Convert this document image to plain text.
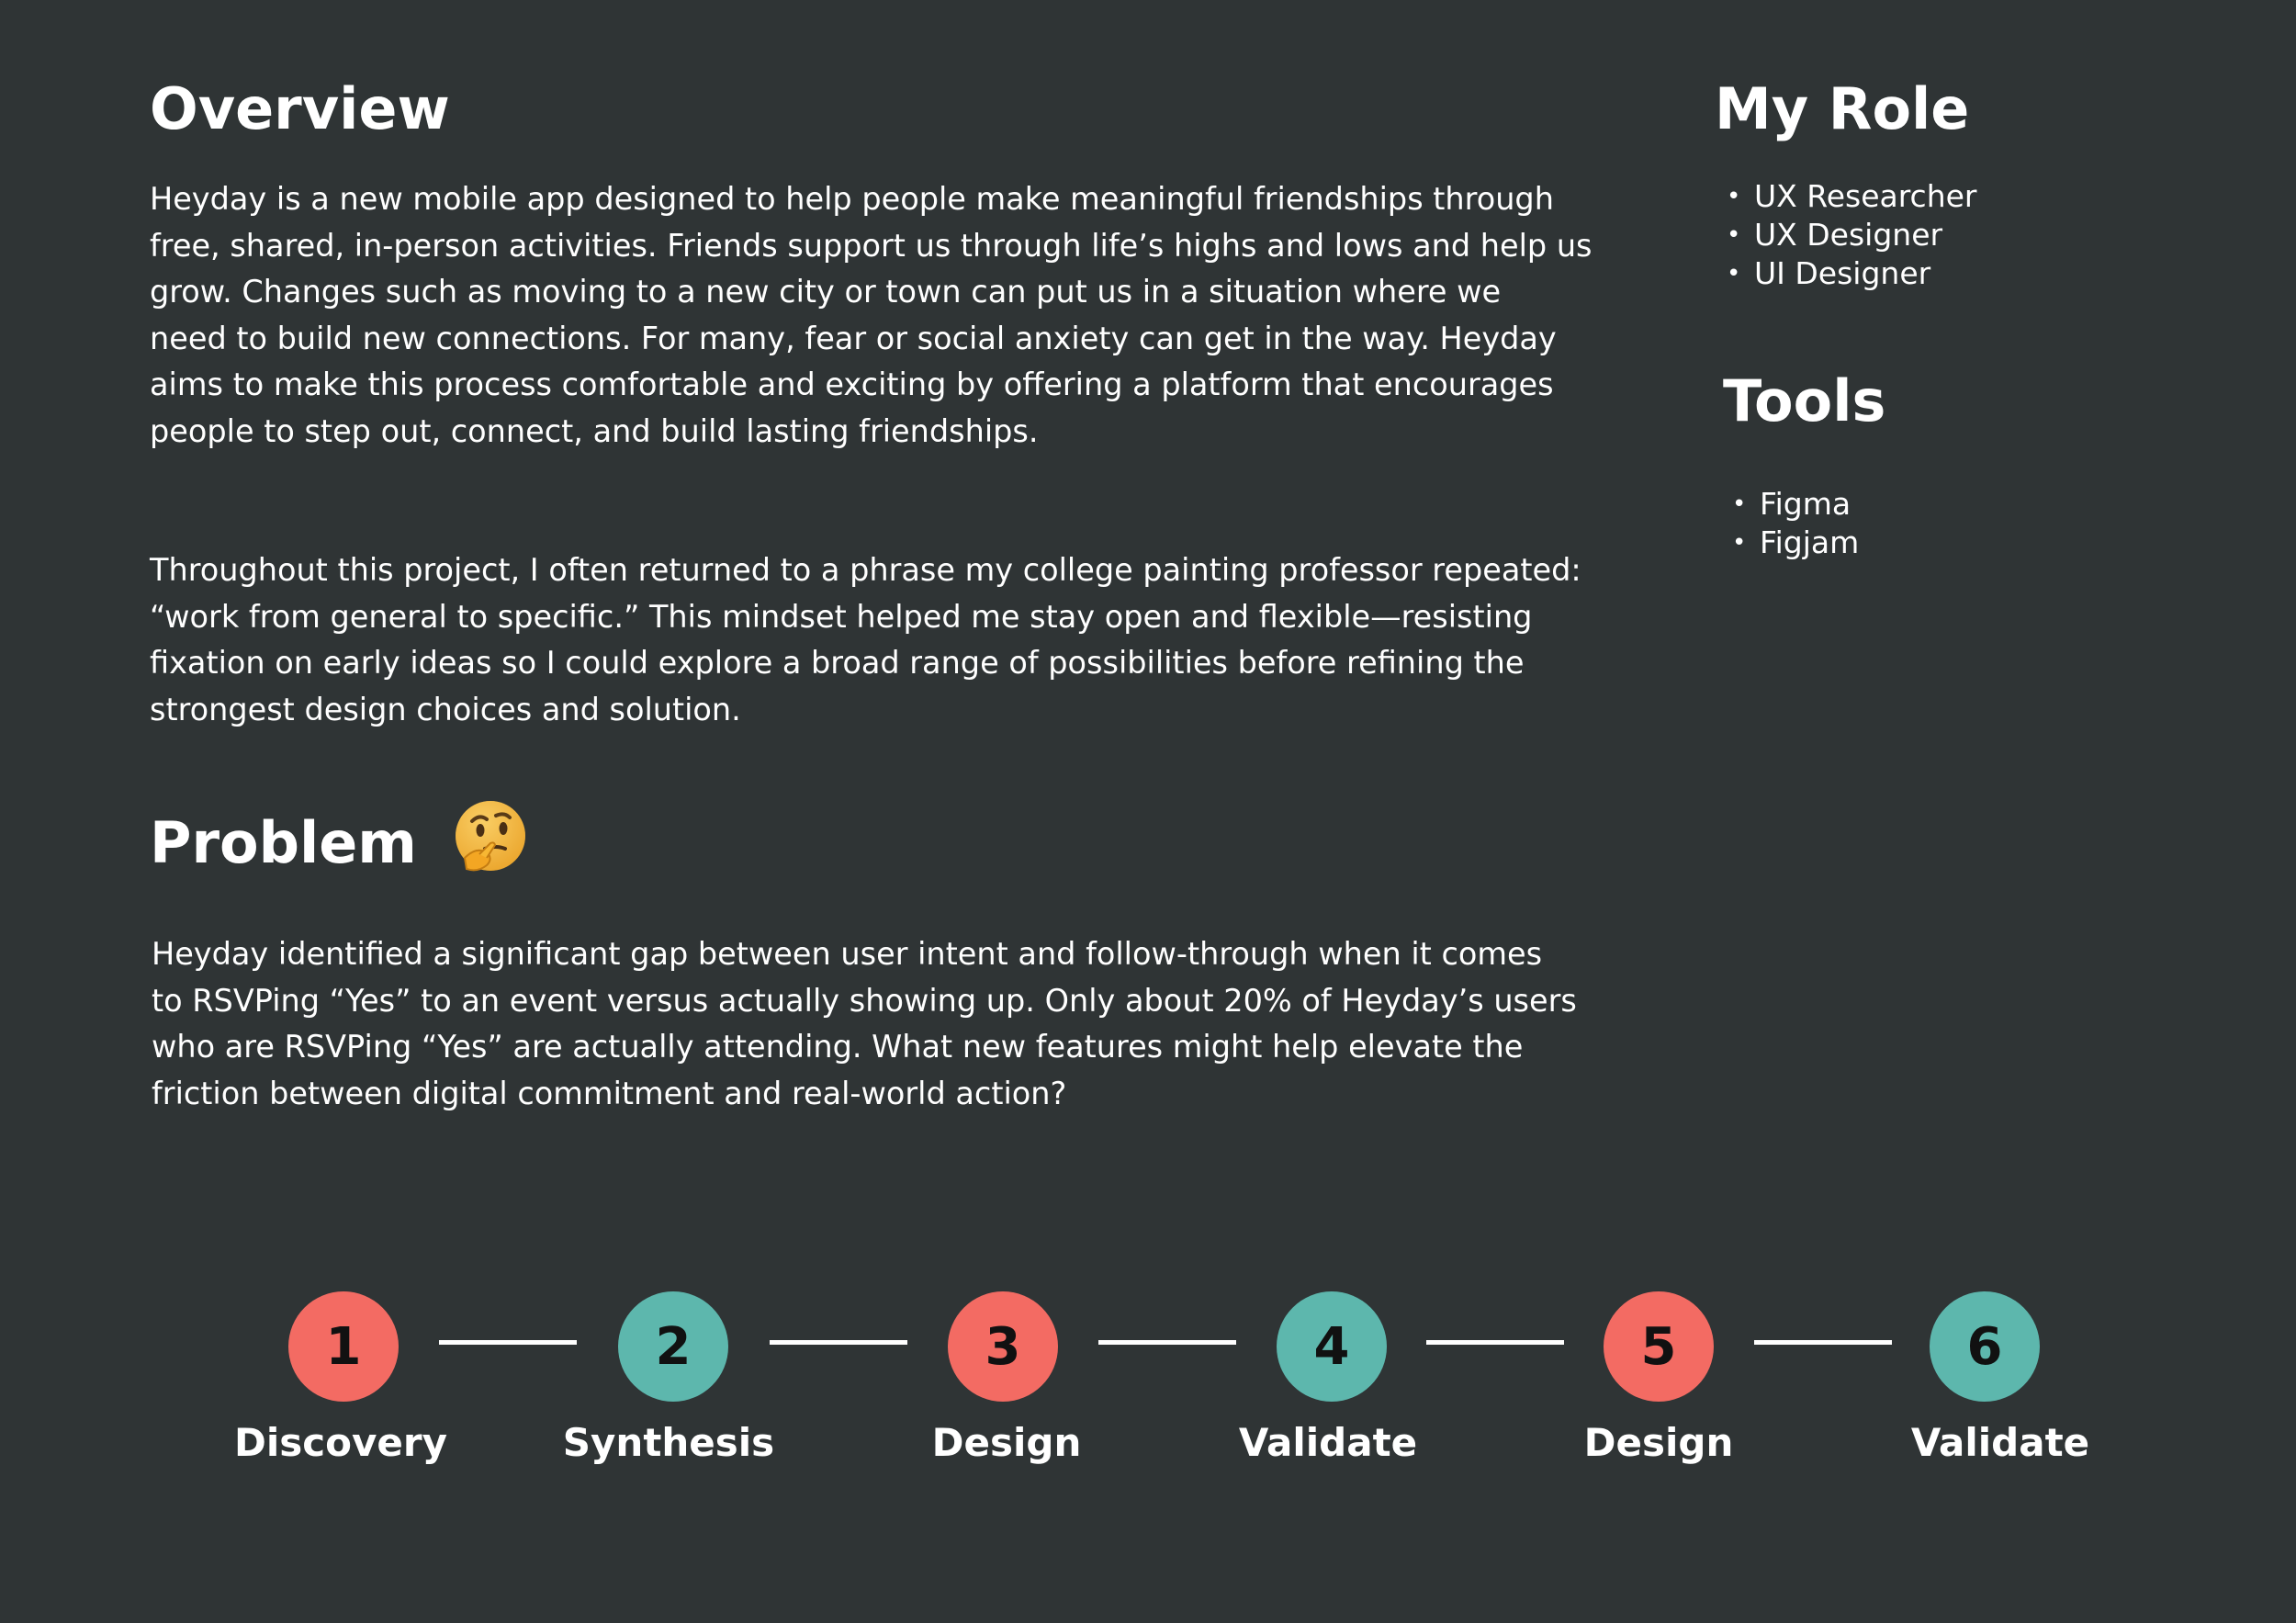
Overview

Heyday is a new mobile app designed to help people make meaningful friendships through
free, shared, in-person activities. Friends support us through life’s highs and lows and help us
grow. Changes such as moving to a new city or town can put us in a situation where we
need to build new connections. For many, fear or social anxiety can get in the way. Heyday
aims to make this process comfortable and exciting by offering a platform that encourages
people to step out, connect, and build lasting friendships.

Throughout this project, I often returned to a phrase my college painting professor repeated:
“work from general to specific.” This mindset helped me stay open and flexible—resisting
fixation on early ideas so I could explore a broad range of possibilities before refining the
strongest design choices and solution.

My Role
• UX Researcher
• UX Designer
• UI Designer
Tools
• Figma
• Figjam
Problem

Heyday identified a significant gap between user intent and follow-through when it comes
to RSVPing “Yes” to an event versus actually showing up. Only about 20% of Heyday’s users
who are RSVPing “Yes” are actually attending. What new features might help elevate the
friction between digital commitment and real-world action?

1	2	3	4	5	6
Discovery	Synthesis	Design	Validate	Design	Validate
